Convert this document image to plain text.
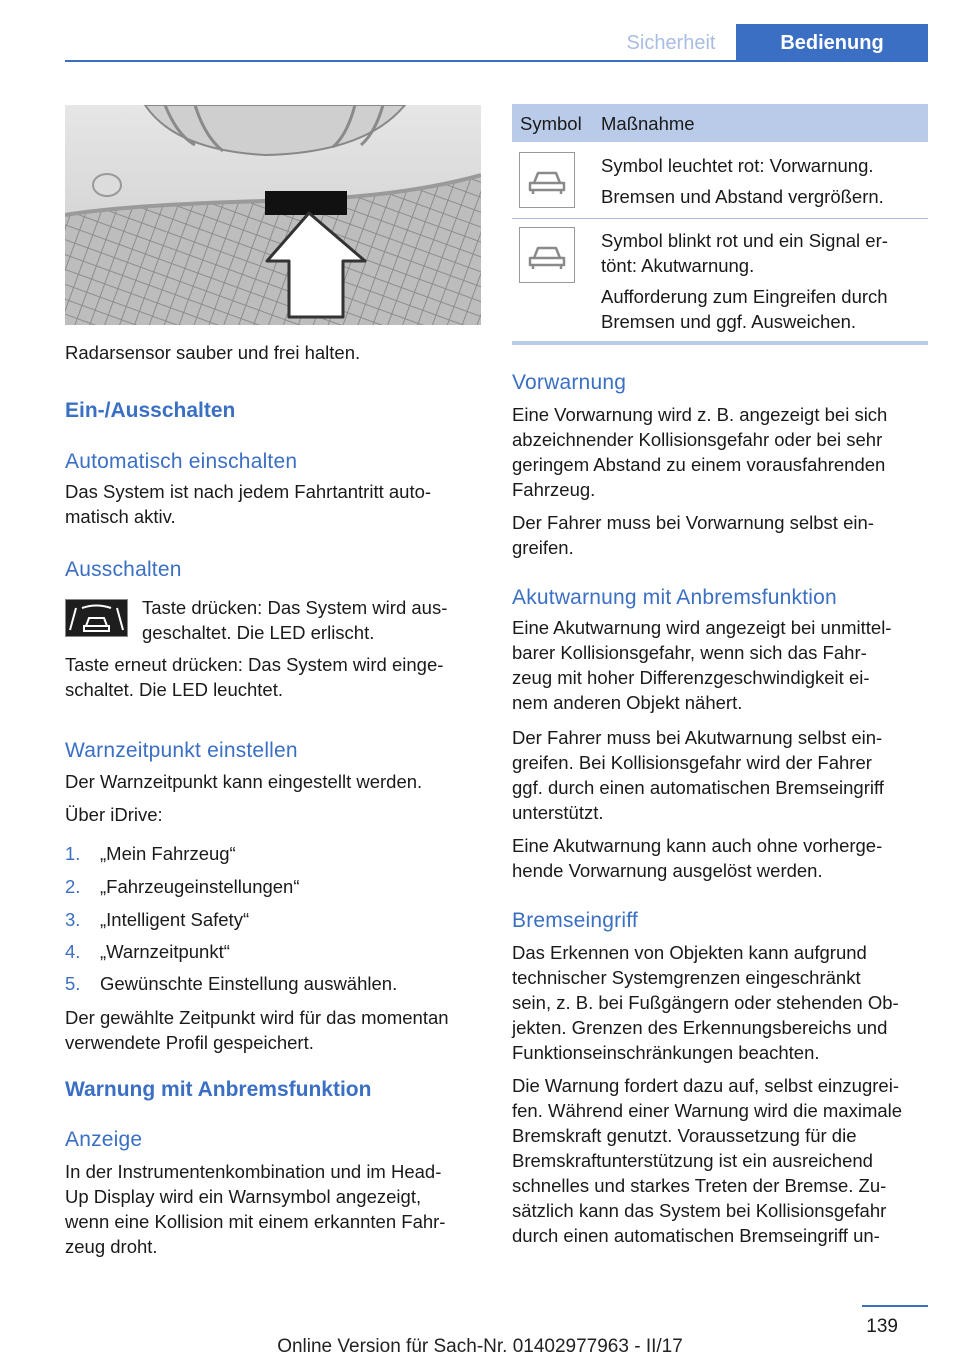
Sicherheit	Bedienung
Radarsensor sauber und frei halten.
Ein-/Ausschalten
Automatisch einschalten
Das System ist nach jedem Fahrtantritt auto-
matisch aktiv.
Ausschalten
Taste drücken: Das System wird aus-
geschaltet. Die LED erlischt.
Taste erneut drücken: Das System wird einge-
schaltet. Die LED leuchtet.
Warnzeitpunkt einstellen
Der Warnzeitpunkt kann eingestellt werden.
Über iDrive:
1. „Mein Fahrzeug“
2. „Fahrzeugeinstellungen“
3. „Intelligent Safety“
4. „Warnzeitpunkt“
5. Gewünschte Einstellung auswählen.
Der gewählte Zeitpunkt wird für das momentan
verwendete Profil gespeichert.
Warnung mit Anbremsfunktion
Anzeige
In der Instrumentenkombination und im Head-
Up Display wird ein Warnsymbol angezeigt,
wenn eine Kollision mit einem erkannten Fahr-
zeug droht.
Symbol Maßnahme
Symbol leuchtet rot: Vorwarnung.
Bremsen und Abstand vergrößern.
Symbol blinkt rot und ein Signal er-
tönt: Akutwarnung.
Aufforderung zum Eingreifen durch
Bremsen und ggf. Ausweichen.
Vorwarnung
Eine Vorwarnung wird z. B. angezeigt bei sich
abzeichnender Kollisionsgefahr oder bei sehr
geringem Abstand zu einem vorausfahrenden
Fahrzeug.
Der Fahrer muss bei Vorwarnung selbst ein-
greifen.
Akutwarnung mit Anbremsfunktion
Eine Akutwarnung wird angezeigt bei unmittel-
barer Kollisionsgefahr, wenn sich das Fahr-
zeug mit hoher Differenzgeschwindigkeit ei-
nem anderen Objekt nähert.
Der Fahrer muss bei Akutwarnung selbst ein-
greifen. Bei Kollisionsgefahr wird der Fahrer
ggf. durch einen automatischen Bremseingriff
unterstützt.
Eine Akutwarnung kann auch ohne vorherge-
hende Vorwarnung ausgelöst werden.
Bremseingriff
Das Erkennen von Objekten kann aufgrund
technischer Systemgrenzen eingeschränkt
sein, z. B. bei Fußgängern oder stehenden Ob-
jekten. Grenzen des Erkennungsbereichs und
Funktionseinschränkungen beachten.
Die Warnung fordert dazu auf, selbst einzugrei-
fen. Während einer Warnung wird die maximale
Bremskraft genutzt. Voraussetzung für die
Bremskraftunterstützung ist ein ausreichend
schnelles und starkes Treten der Bremse. Zu-
sätzlich kann das System bei Kollisionsgefahr
durch einen automatischen Bremseingriff un-
139
Online Version für Sach-Nr. 01402977963 - II/17
